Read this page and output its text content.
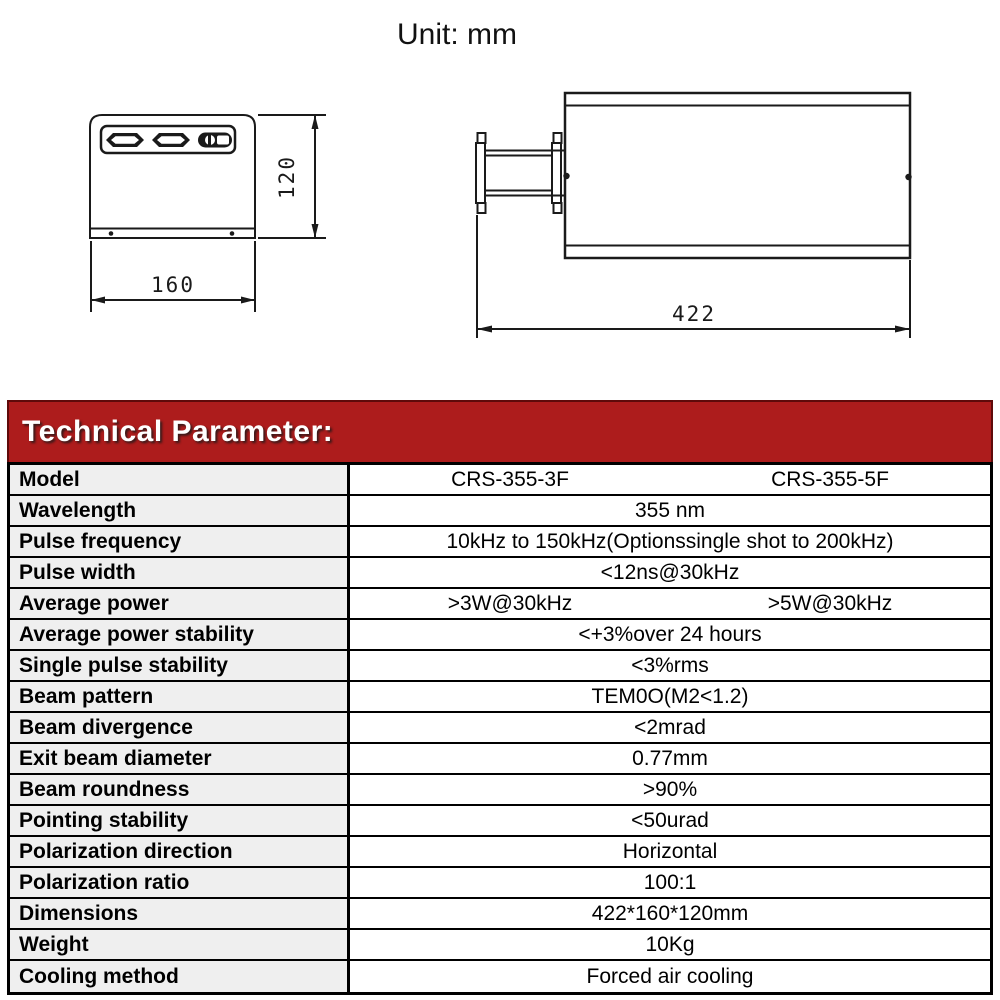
Unit: mm
120
160
422
Technical Parameter:
Model	CRS-355-3F	CRS-355-5F
Wavelength	355 nm
Pulse frequency	10kHz to 150kHz(Optionssingle shot to 200kHz)
Pulse width	<12ns@30kHz
Average power	>3W@30kHz	>5W@30kHz
Average power stability	<+3%over 24 hours
Single pulse stability	<3%rms
Beam pattern	TEM0O(M2<1.2)
Beam divergence	<2mrad
Exit beam diameter	0.77mm
Beam roundness	>90%
Pointing stability	<50urad
Polarization direction	Horizontal
Polarization ratio	100:1
Dimensions	422*160*120mm
Weight	10Kg
Cooling method	Forced air cooling
